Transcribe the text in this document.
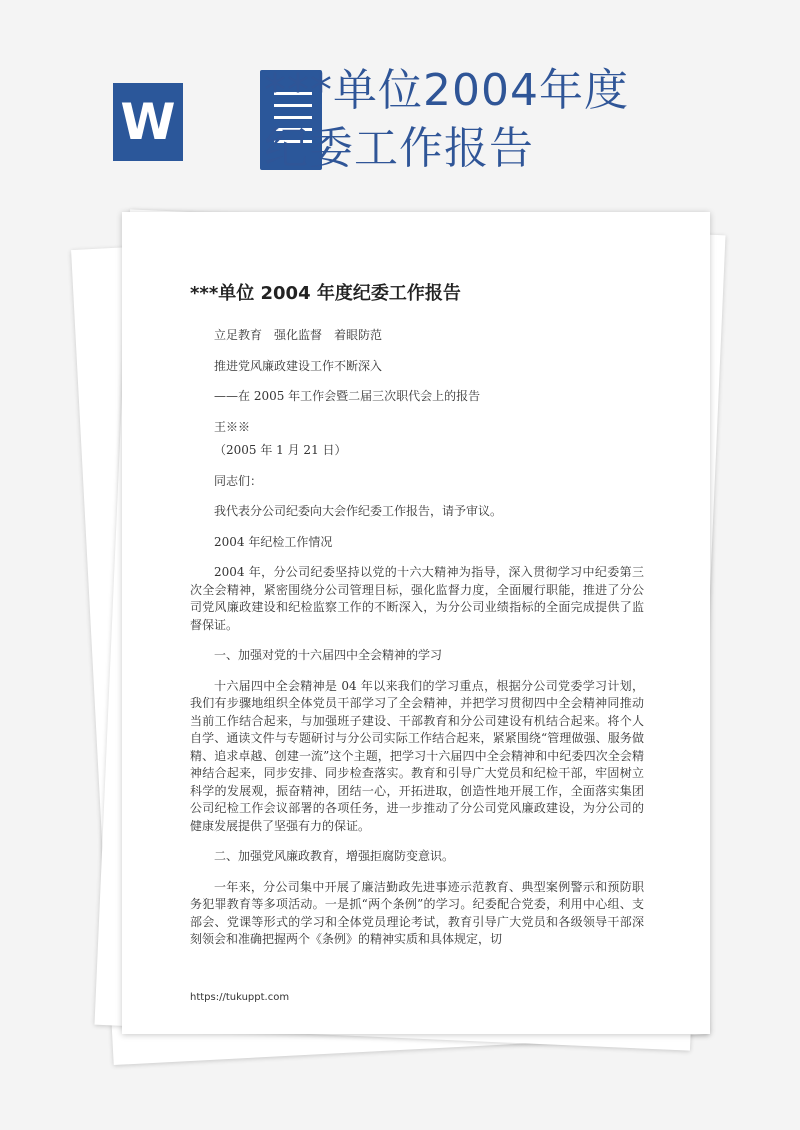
W
***单位2004年度纪委工作报告
***单位 2004 年度纪委工作报告

立足教育　强化监督　着眼防范

推进党风廉政建设工作不断深入

——在 2005 年工作会暨二届三次职代会上的报告

王※※

（2005 年 1 月 21 日）

同志们：

我代表分公司纪委向大会作纪委工作报告，请予审议。

2004 年纪检工作情况

2004 年，分公司纪委坚持以党的十六大精神为指导，深入贯彻学习中纪委第三次全会精神，紧密围绕分公司管理目标，强化监督力度，全面履行职能，推进了分公司党风廉政建设和纪检监察工作的不断深入，为分公司业绩指标的全面完成提供了监督保证。

一、加强对党的十六届四中全会精神的学习

十六届四中全会精神是 04 年以来我们的学习重点，根据分公司党委学习计划，我们有步骤地组织全体党员干部学习了全会精神，并把学习贯彻四中全会精神同推动当前工作结合起来，与加强班子建设、干部教育和分公司建设有机结合起来。将个人自学、通读文件与专题研讨与分公司实际工作结合起来，紧紧围绕“管理做强、服务做精、追求卓越、创建一流”这个主题，把学习十六届四中全会精神和中纪委四次全会精神结合起来，同步安排、同步检查落实。教育和引导广大党员和纪检干部，牢固树立科学的发展观，振奋精神，团结一心，开拓进取，创造性地开展工作，全面落实集团公司纪检工作会议部署的各项任务，进一步推动了分公司党风廉政建设，为分公司的健康发展提供了坚强有力的保证。

二、加强党风廉政教育，增强拒腐防变意识。

一年来，分公司集中开展了廉洁勤政先进事迹示范教育、典型案例警示和预防职务犯罪教育等多项活动。一是抓“两个条例”的学习。纪委配合党委，利用中心组、支部会、党课等形式的学习和全体党员理论考试，教育引导广大党员和各级领导干部深刻领会和准确把握两个《条例》的精神实质和具体规定，切

https://tukuppt.com
